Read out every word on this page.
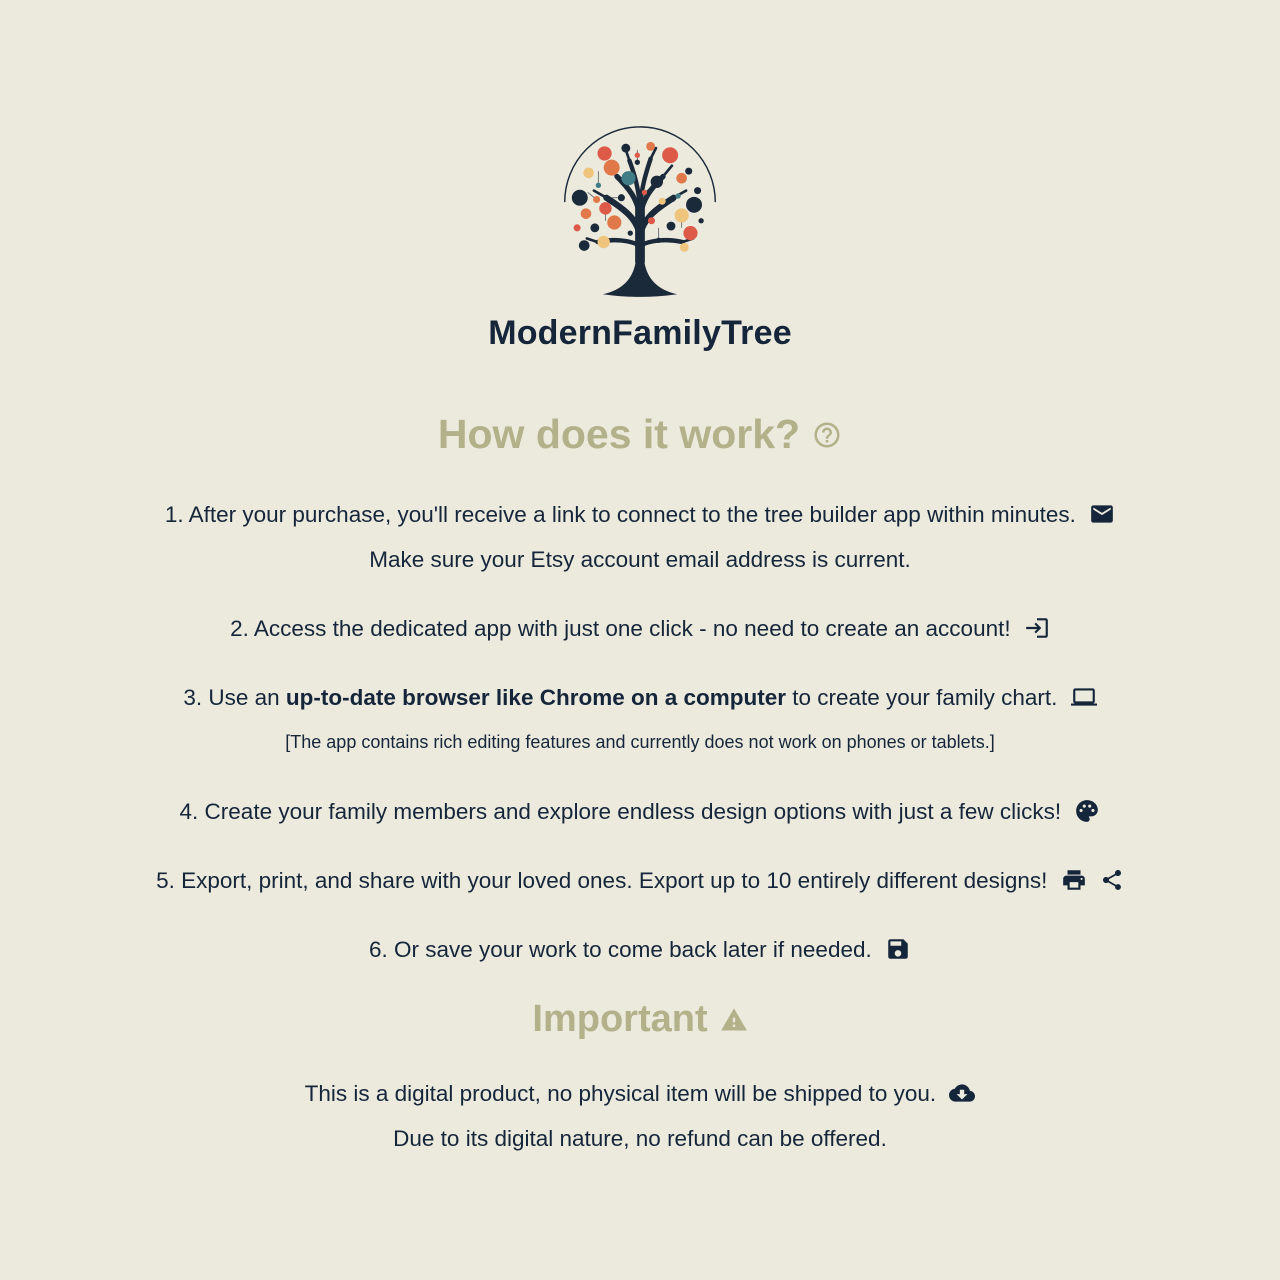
ModernFamilyTree
How does it work?

1. After your purchase, you'll receive a link to connect to the tree builder app within minutes.
Make sure your Etsy account email address is current.

2. Access the dedicated app with just one click - no need to create an account!

3. Use an up-to-date browser like Chrome on a computer to create your family chart.
[The app contains rich editing features and currently does not work on phones or tablets.]

4. Create your family members and explore endless design options with just a few clicks!

5. Export, print, and share with your loved ones. Export up to 10 entirely different designs!

6. Or save your work to come back later if needed.

Important

This is a digital product, no physical item will be shipped to you.

Due to its digital nature, no refund can be offered.
